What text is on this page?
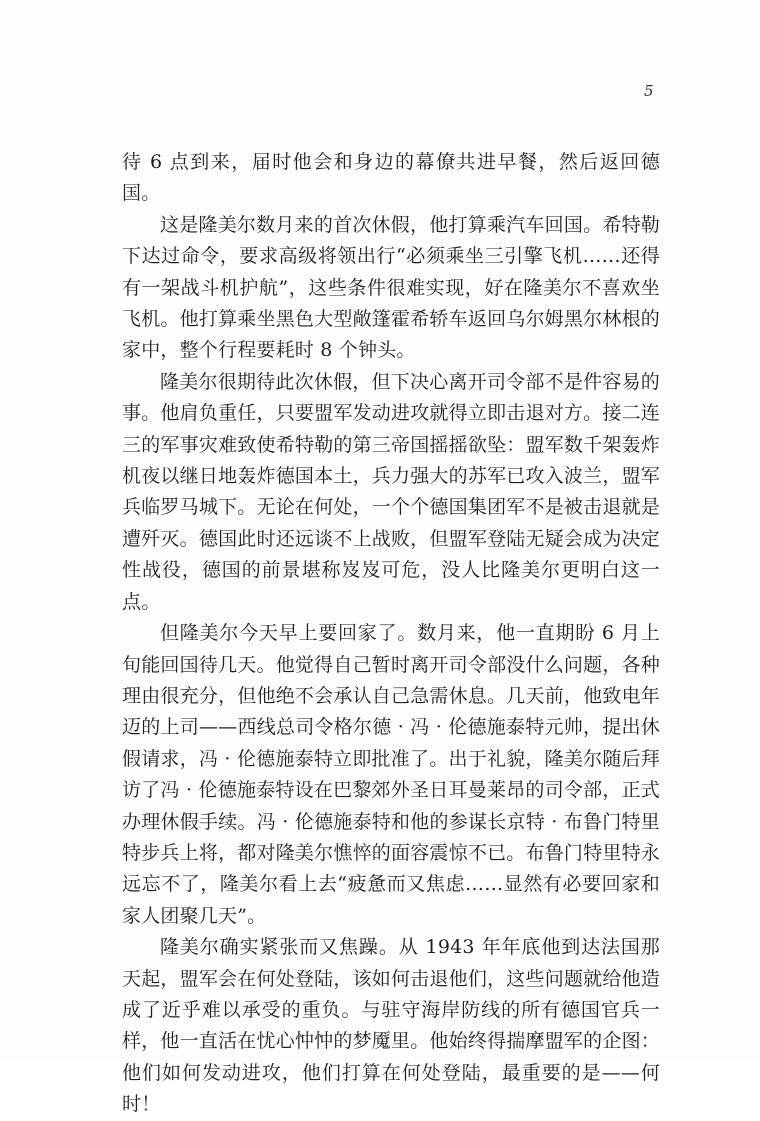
5

待 6 点到来，届时他会和身边的幕僚共进早餐，然后返回德国。

这是隆美尔数月来的首次休假，他打算乘汽车回国。希特勒下达过命令，要求高级将领出行“必须乘坐三引擎飞机……还得有一架战斗机护航”，这些条件很难实现，好在隆美尔不喜欢坐飞机。他打算乘坐黑色大型敞篷霍希轿车返回乌尔姆黑尔林根的家中，整个行程要耗时 8 个钟头。

隆美尔很期待此次休假，但下决心离开司令部不是件容易的事。他肩负重任，只要盟军发动进攻就得立即击退对方。接二连三的军事灾难致使希特勒的第三帝国摇摇欲坠：盟军数千架轰炸机夜以继日地轰炸德国本土，兵力强大的苏军已攻入波兰，盟军兵临罗马城下。无论在何处，一个个德国集团军不是被击退就是遭歼灭。德国此时还远谈不上战败，但盟军登陆无疑会成为决定性战役，德国的前景堪称岌岌可危，没人比隆美尔更明白这一点。

但隆美尔今天早上要回家了。数月来，他一直期盼 6 月上旬能回国待几天。他觉得自己暂时离开司令部没什么问题，各种理由很充分，但他绝不会承认自己急需休息。几天前，他致电年迈的上司——西线总司令格尔德 · 冯 · 伦德施泰特元帅，提出休假请求，冯 · 伦德施泰特立即批准了。出于礼貌，隆美尔随后拜访了冯 · 伦德施泰特设在巴黎郊外圣日耳曼莱昂的司令部，正式办理休假手续。冯 · 伦德施泰特和他的参谋长京特 · 布鲁门特里特步兵上将，都对隆美尔憔悴的面容震惊不已。布鲁门特里特永远忘不了，隆美尔看上去“疲惫而又焦虑……显然有必要回家和家人团聚几天”。

隆美尔确实紧张而又焦躁。从 1943 年年底他到达法国那天起，盟军会在何处登陆，该如何击退他们，这些问题就给他造成了近乎难以承受的重负。与驻守海岸防线的所有德国官兵一样，他一直活在忧心忡忡的梦魇里。他始终得揣摩盟军的企图：他们如何发动进攻，他们打算在何处登陆，最重要的是——何时！
